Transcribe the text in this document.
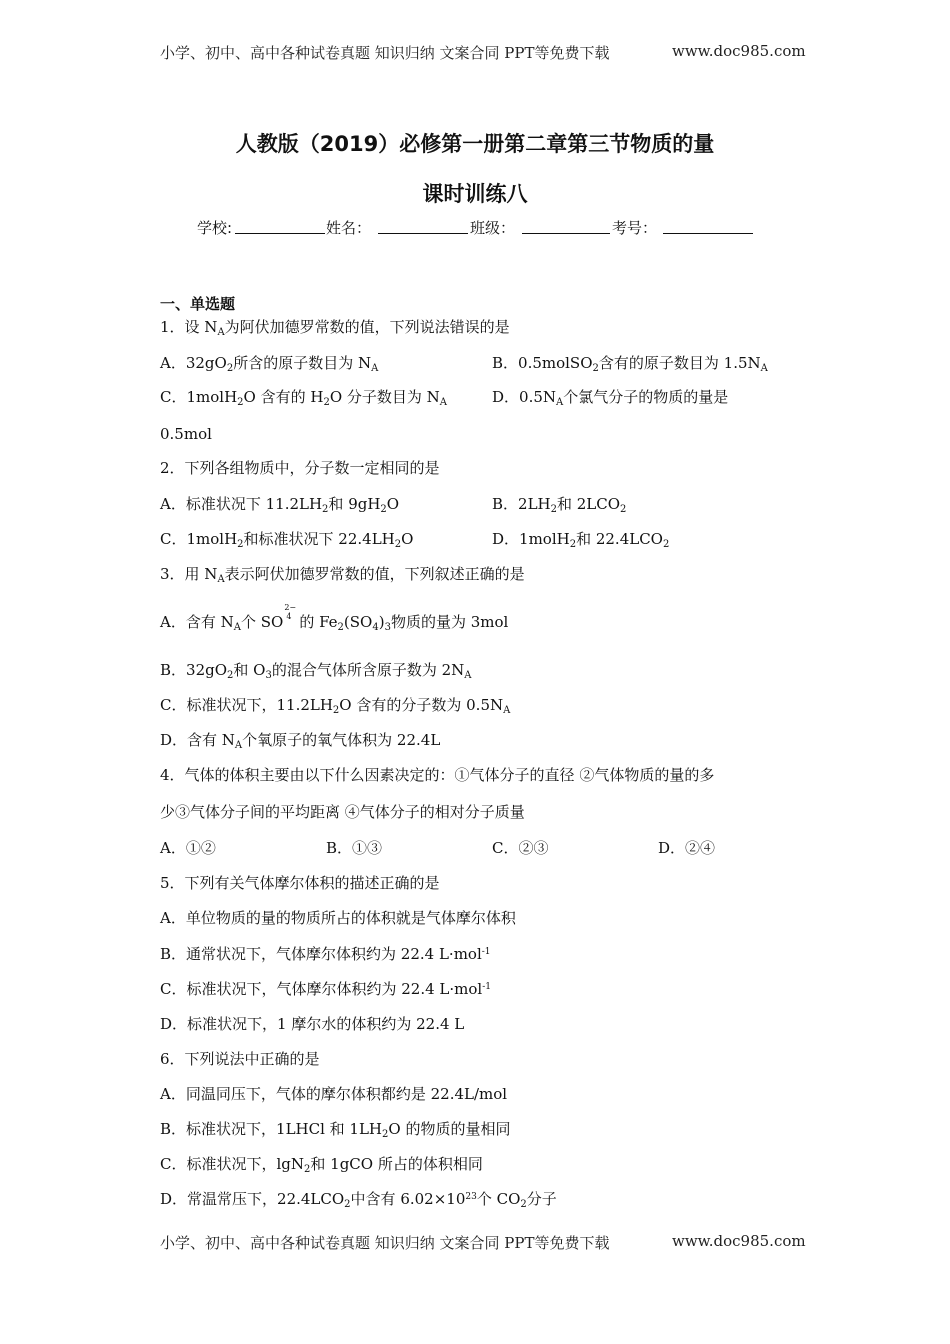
小学、初中、高中各种试卷真题 知识归纳 文案合同 PPT等免费下载	www.doc985.com
人教版（2019）必修第一册第二章第三节物质的量
课时训练八
学校:	姓名：	班级：	考号：
一、单选题
1．设 $N_A$为阿伏加德罗常数的值，下列说法错误的是
A．$32gO_2$所含的原子数目为 $N_A$	B．0.5molSO$_2$含有的原子数目为 $1.5N_A$
C．1molH$_2$O 含有的 $H_2O$ 分子数目为 $N_A$	D．$0.5N_A$个氯气分子的物质的量是
0.5mol
2．下列各组物质中，分子数一定相同的是
A．标准状况下 $11.2LH_2$和 $9gH_2O$	B．$2LH_2$和 $2LCO_2$
C．1molH$_2$和标准状况下 $22.4LH_2O$	D．1molH$_2$和 $22.4LCO_2$
3．用 $N_A$表示阿伏加德罗常数的值，下列叙述正确的是
A．含有 $N_A$个 SO
2−
4 的 $Fe_2(SO_4)_3$物质的量为 3mol
B．$32gO_2$和 $O_3$的混合气体所含原子数为 $2N_A$
C．标准状况下，$11.2LH_2O$ 含有的分子数为 $0.5N_A$
D．含有 $N_A$个氧原子的氧气体积为 22.4L
4．气体的体积主要由以下什么因素决定的：①气体分子的直径 ②气体物质的量的多
少③气体分子间的平均距离 ④气体分子的相对分子质量
A．①②	B．①③	C．②③	D．②④
5．下列有关气体摩尔体积的描述正确的是
A．单位物质的量的物质所占的体积就是气体摩尔体积
B．通常状况下，气体摩尔体积约为 22.4 L·mol$^{-1}$
C．标准状况下，气体摩尔体积约为 22.4 L·mol$^{-1}$
D．标准状况下，1 摩尔水的体积约为 22.4 L
6．下列说法中正确的是
A．同温同压下，气体的摩尔体积都约是 22.4L/mol
B．标准状况下，1LHCl 和 $1LH_2O$ 的物质的量相同
C．标准状况下，lgN$_2$和 1gCO 所占的体积相同
D．常温常压下，$22.4LCO_2$中含有 $6.02\times 10^{23}$个 $CO_2$分子
小学、初中、高中各种试卷真题 知识归纳 文案合同 PPT等免费下载	www.doc985.com
